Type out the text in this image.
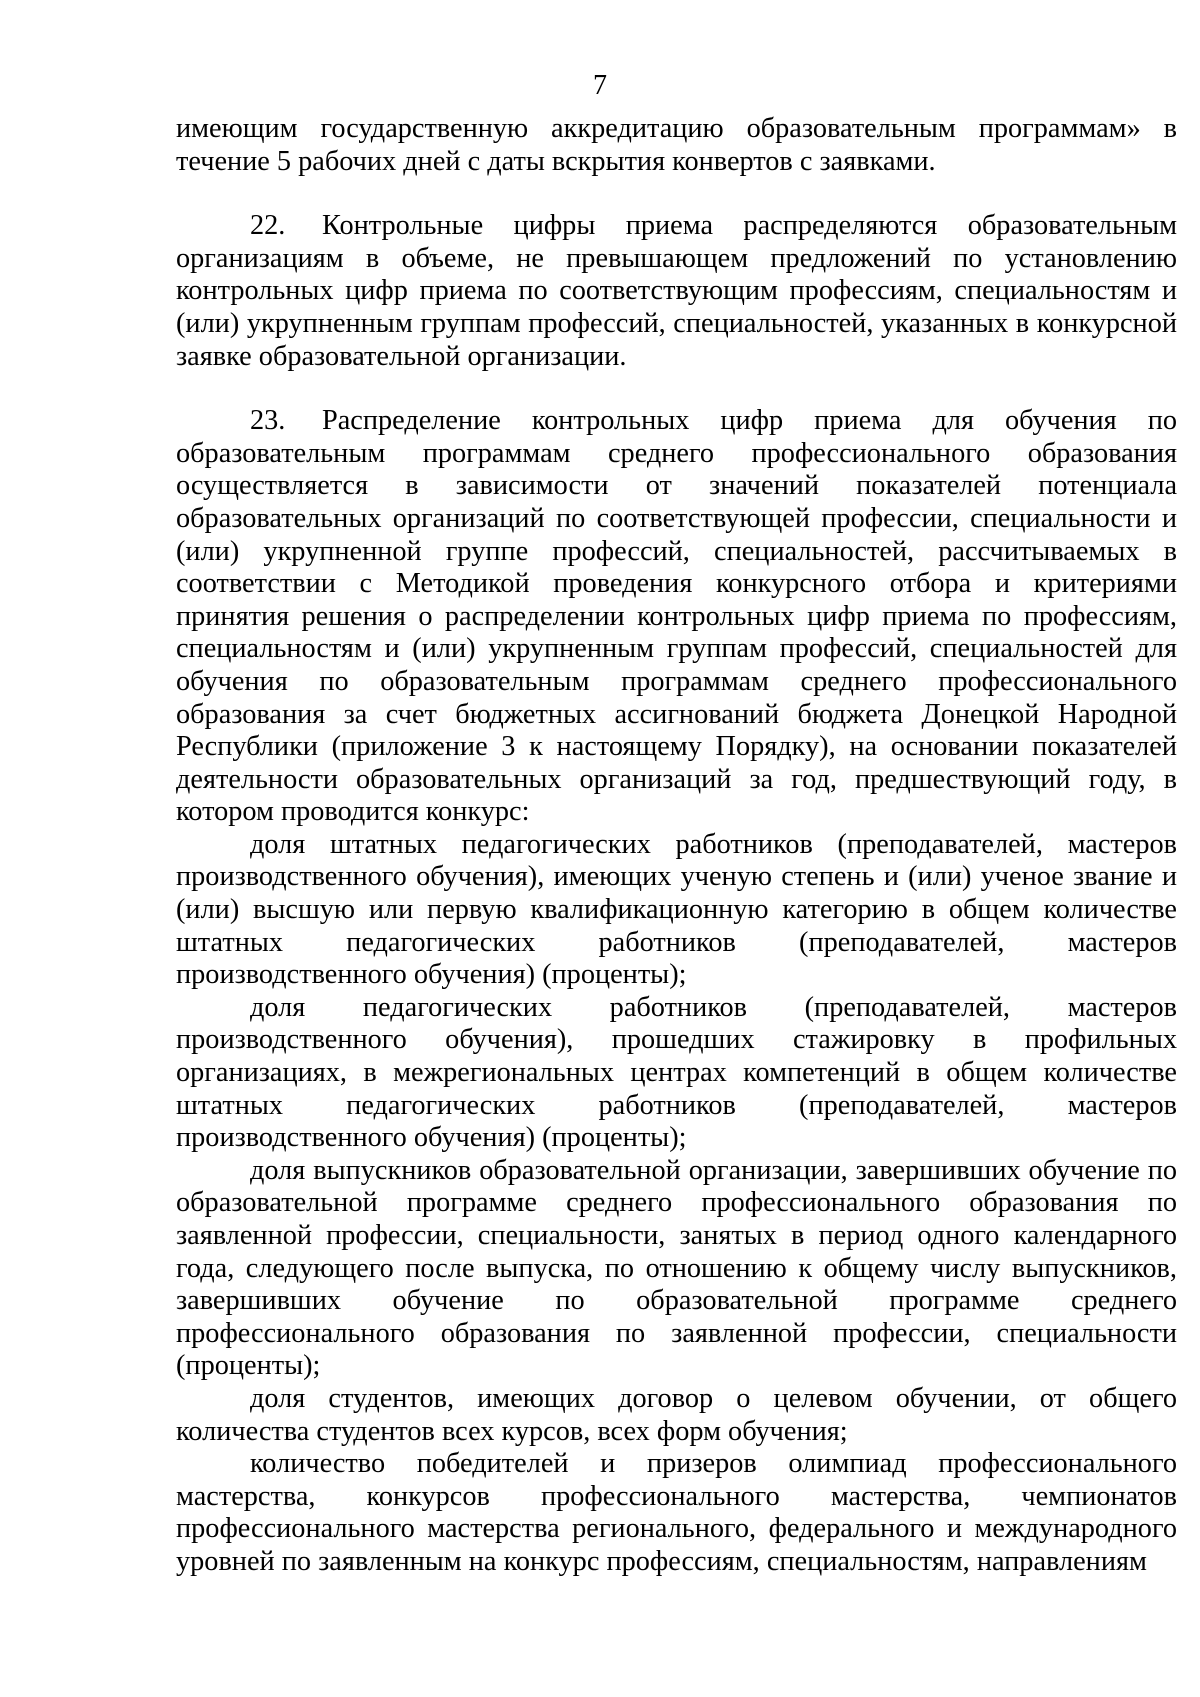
7

имеющим государственную аккредитацию образовательным программам» в течение 5 рабочих дней с даты вскрытия конвертов с заявками.

22. Контрольные цифры приема распределяются образовательным организациям в объеме, не превышающем предложений по установлению контрольных цифр приема по соответствующим профессиям, специальностям и (или) укрупненным группам профессий, специальностей, указанных в конкурсной заявке образовательной организации.

23. Распределение контрольных цифр приема для обучения по образовательным программам среднего профессионального образования осуществляется в зависимости от значений показателей потенциала образовательных организаций по соответствующей профессии, специальности и (или) укрупненной группе профессий, специальностей, рассчитываемых в соответствии с Методикой проведения конкурсного отбора и критериями принятия решения о распределении контрольных цифр приема по профессиям, специальностям и (или) укрупненным группам профессий, специальностей для обучения по образовательным программам среднего профессионального образования за счет бюджетных ассигнований бюджета Донецкой Народной Республики (приложение 3 к настоящему Порядку), на основании показателей деятельности образовательных организаций за год, предшествующий году, в котором проводится конкурс:

доля штатных педагогических работников (преподавателей, мастеров производственного обучения), имеющих ученую степень и (или) ученое звание и (или) высшую или первую квалификационную категорию в общем количестве штатных педагогических работников (преподавателей, мастеров производственного обучения) (проценты);

доля педагогических работников (преподавателей, мастеров производственного обучения), прошедших стажировку в профильных организациях, в межрегиональных центрах компетенций в общем количестве штатных педагогических работников (преподавателей, мастеров производственного обучения) (проценты);

доля выпускников образовательной организации, завершивших обучение по образовательной программе среднего профессионального образования по заявленной профессии, специальности, занятых в период одного календарного года, следующего после выпуска, по отношению к общему числу выпускников, завершивших обучение по образовательной программе среднего профессионального образования по заявленной профессии, специальности (проценты);

доля студентов, имеющих договор о целевом обучении, от общего количества студентов всех курсов, всех форм обучения;

количество победителей и призеров олимпиад профессионального мастерства, конкурсов профессионального мастерства, чемпионатов профессионального мастерства регионального, федерального и международного уровней по заявленным на конкурс профессиям, специальностям, направлениям
